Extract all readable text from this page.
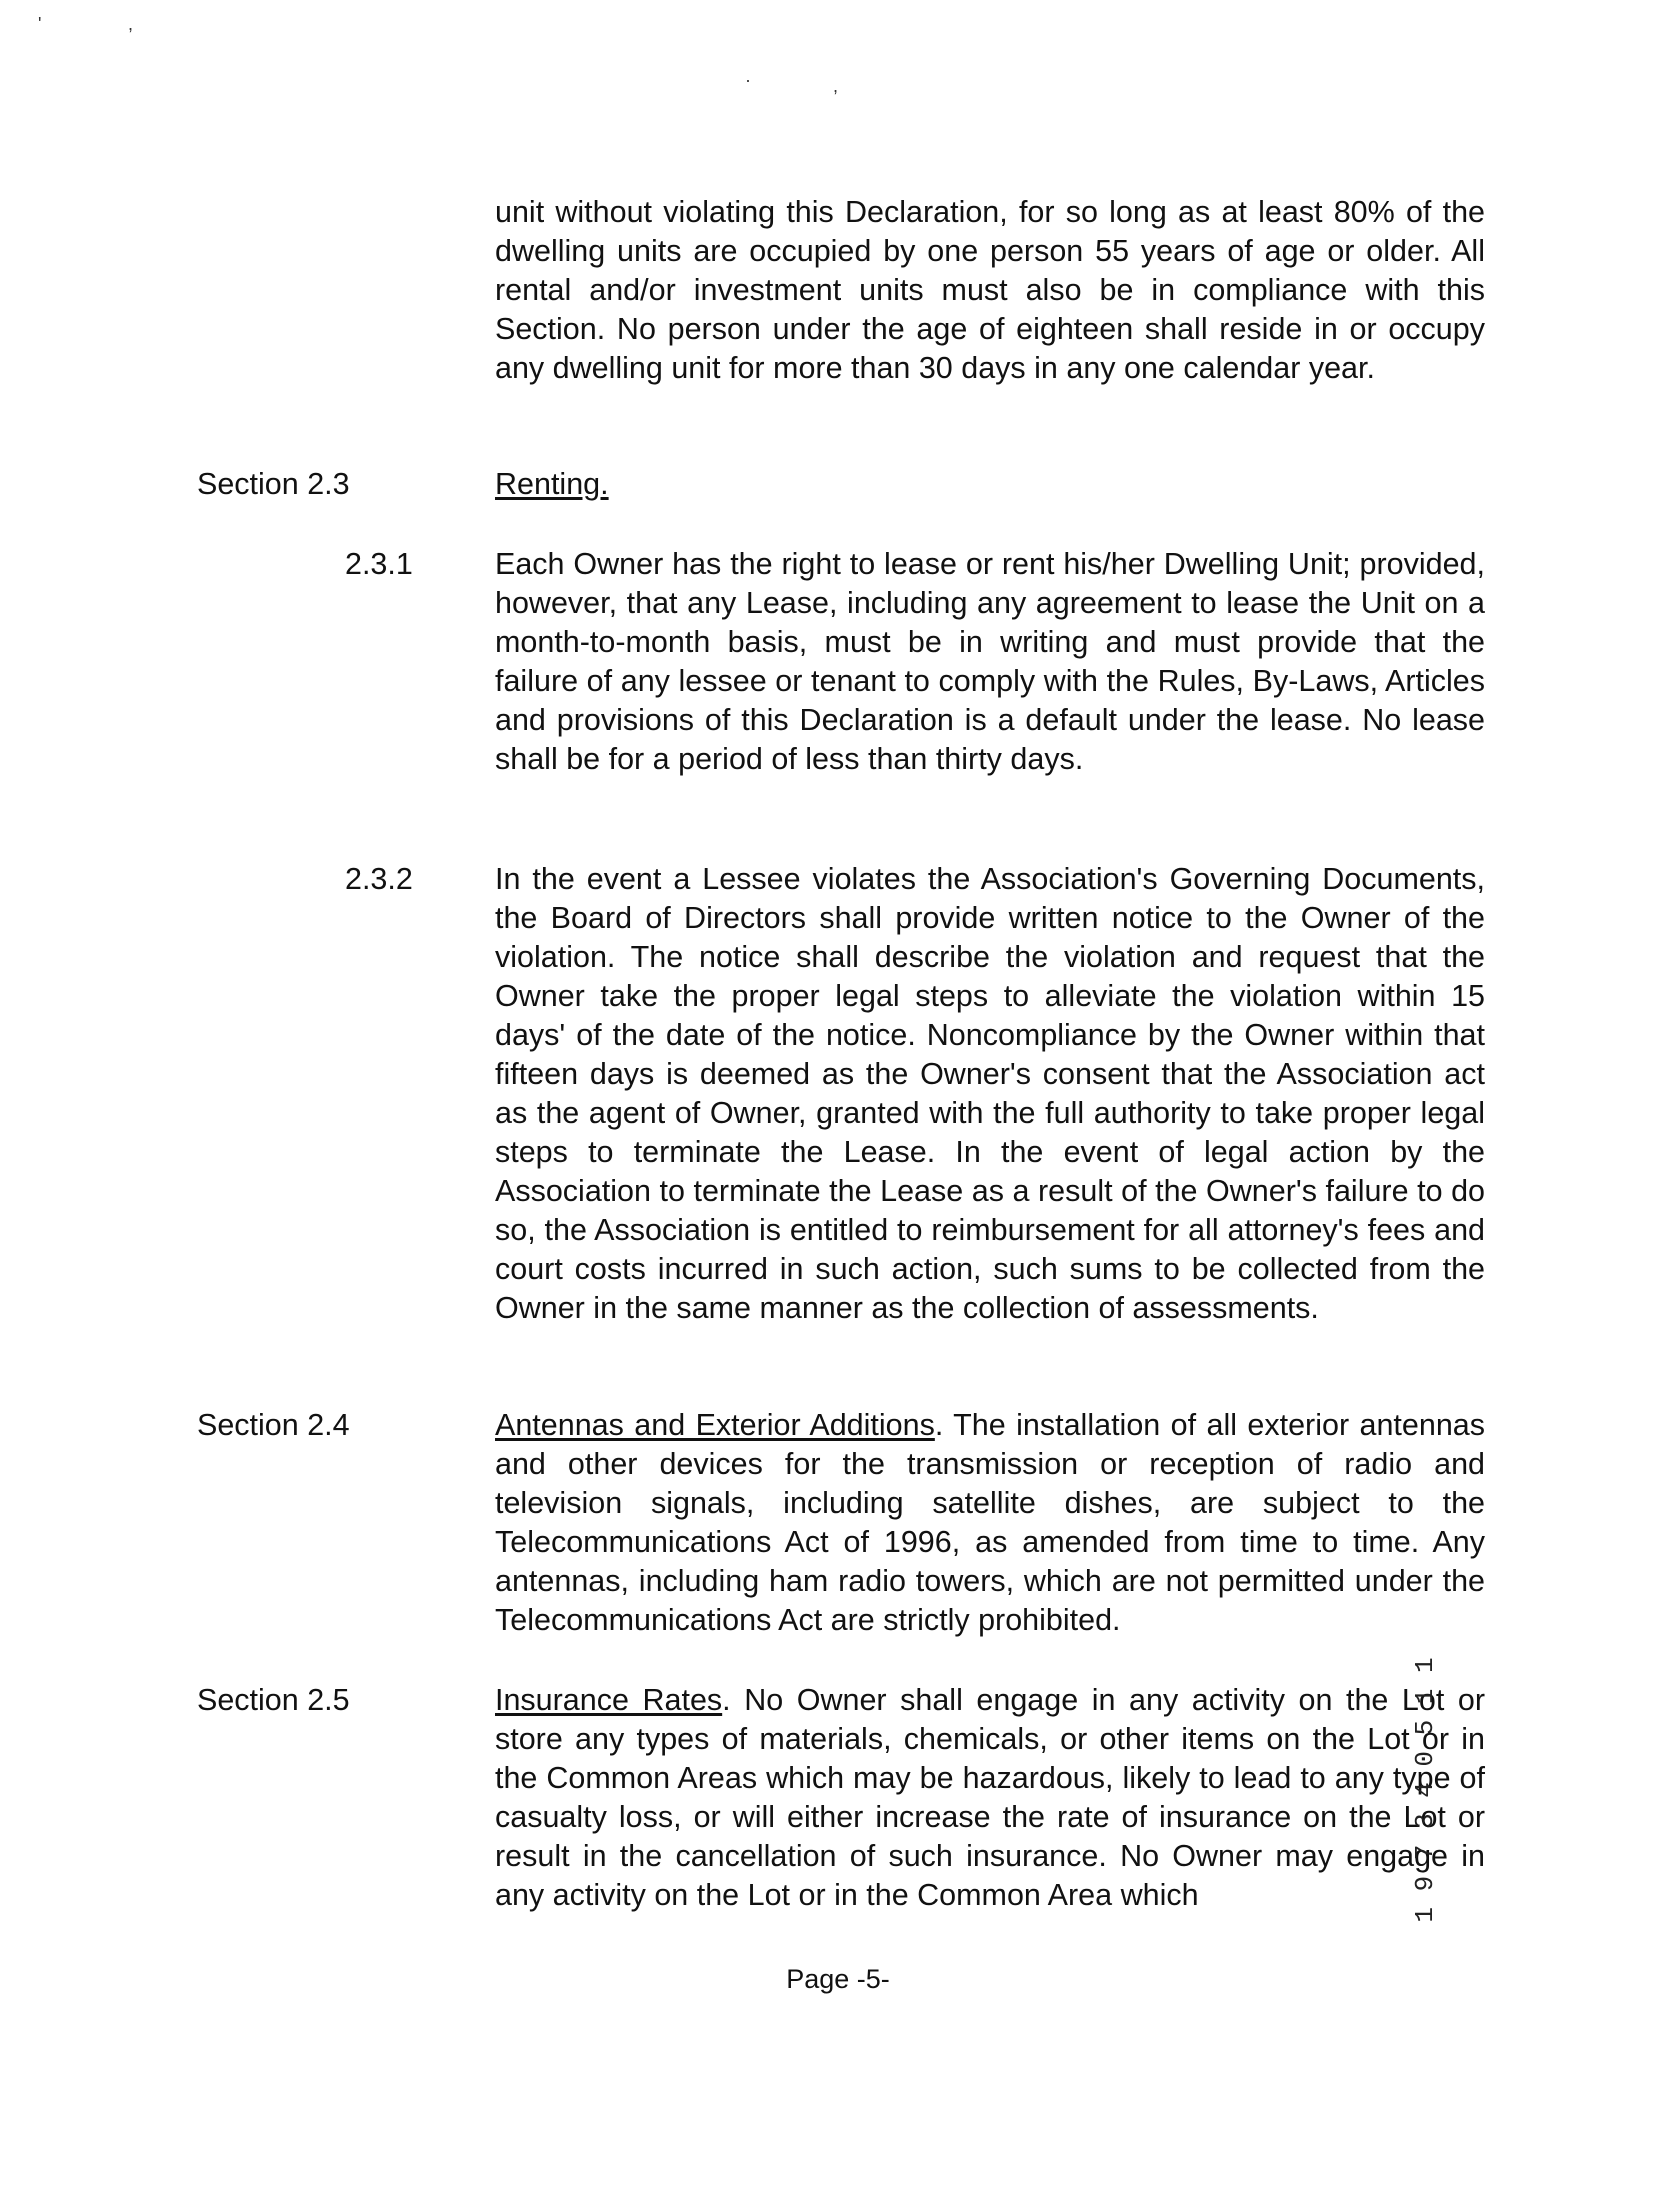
'	,
·	,

unit without violating this Declaration, for so long as at least 80% of the dwelling units are occupied by one person 55 years of age or older. All rental and/or investment units must also be in compliance with this Section. No person under the age of eighteen shall reside in or occupy any dwelling unit for more than 30 days in any one calendar year.

Section 2.3	Renting.

2.3.1	Each Owner has the right to lease or rent his/her Dwelling Unit; provided, however, that any Lease, including any agreement to lease the Unit on a month-to-month basis, must be in writing and must provide that the failure of any lessee or tenant to comply with the Rules, By-Laws, Articles and provisions of this Declaration is a default under the lease. No lease shall be for a period of less than thirty days.

2.3.2	In the event a Lessee violates the Association's Governing Documents, the Board of Directors shall provide written notice to the Owner of the violation. The notice shall describe the violation and request that the Owner take the proper legal steps to alleviate the violation within 15 days' of the date of the notice. Noncompliance by the Owner within that fifteen days is deemed as the Owner's consent that the Association act as the agent of Owner, granted with the full authority to take proper legal steps to terminate the Lease. In the event of legal action by the Association to terminate the Lease as a result of the Owner's failure to do so, the Association is entitled to reimbursement for all attorney's fees and court costs incurred in such action, such sums to be collected from the Owner in the same manner as the collection of assessments.

Section 2.4	Antennas and Exterior Additions. The installation of all exterior antennas and other devices for the transmission or reception of radio and television signals, including satellite dishes, are subject to the Telecommunications Act of 1996, as amended from time to time. Any antennas, including ham radio towers, which are not permitted under the Telecommunications Act are strictly prohibited.

Section 2.5	Insurance Rates. No Owner shall engage in any activity on the Lot or store any types of materials, chemicals, or other items on the Lot or in the Common Areas which may be hazardous, likely to lead to any type of casualty loss, or will either increase the rate of insurance on the Lot or result in the cancellation of such insurance. No Owner may engage in any activity on the Lot or in the Common Area which

Page -5-
1 9 7 3 4 0 5 1 1
